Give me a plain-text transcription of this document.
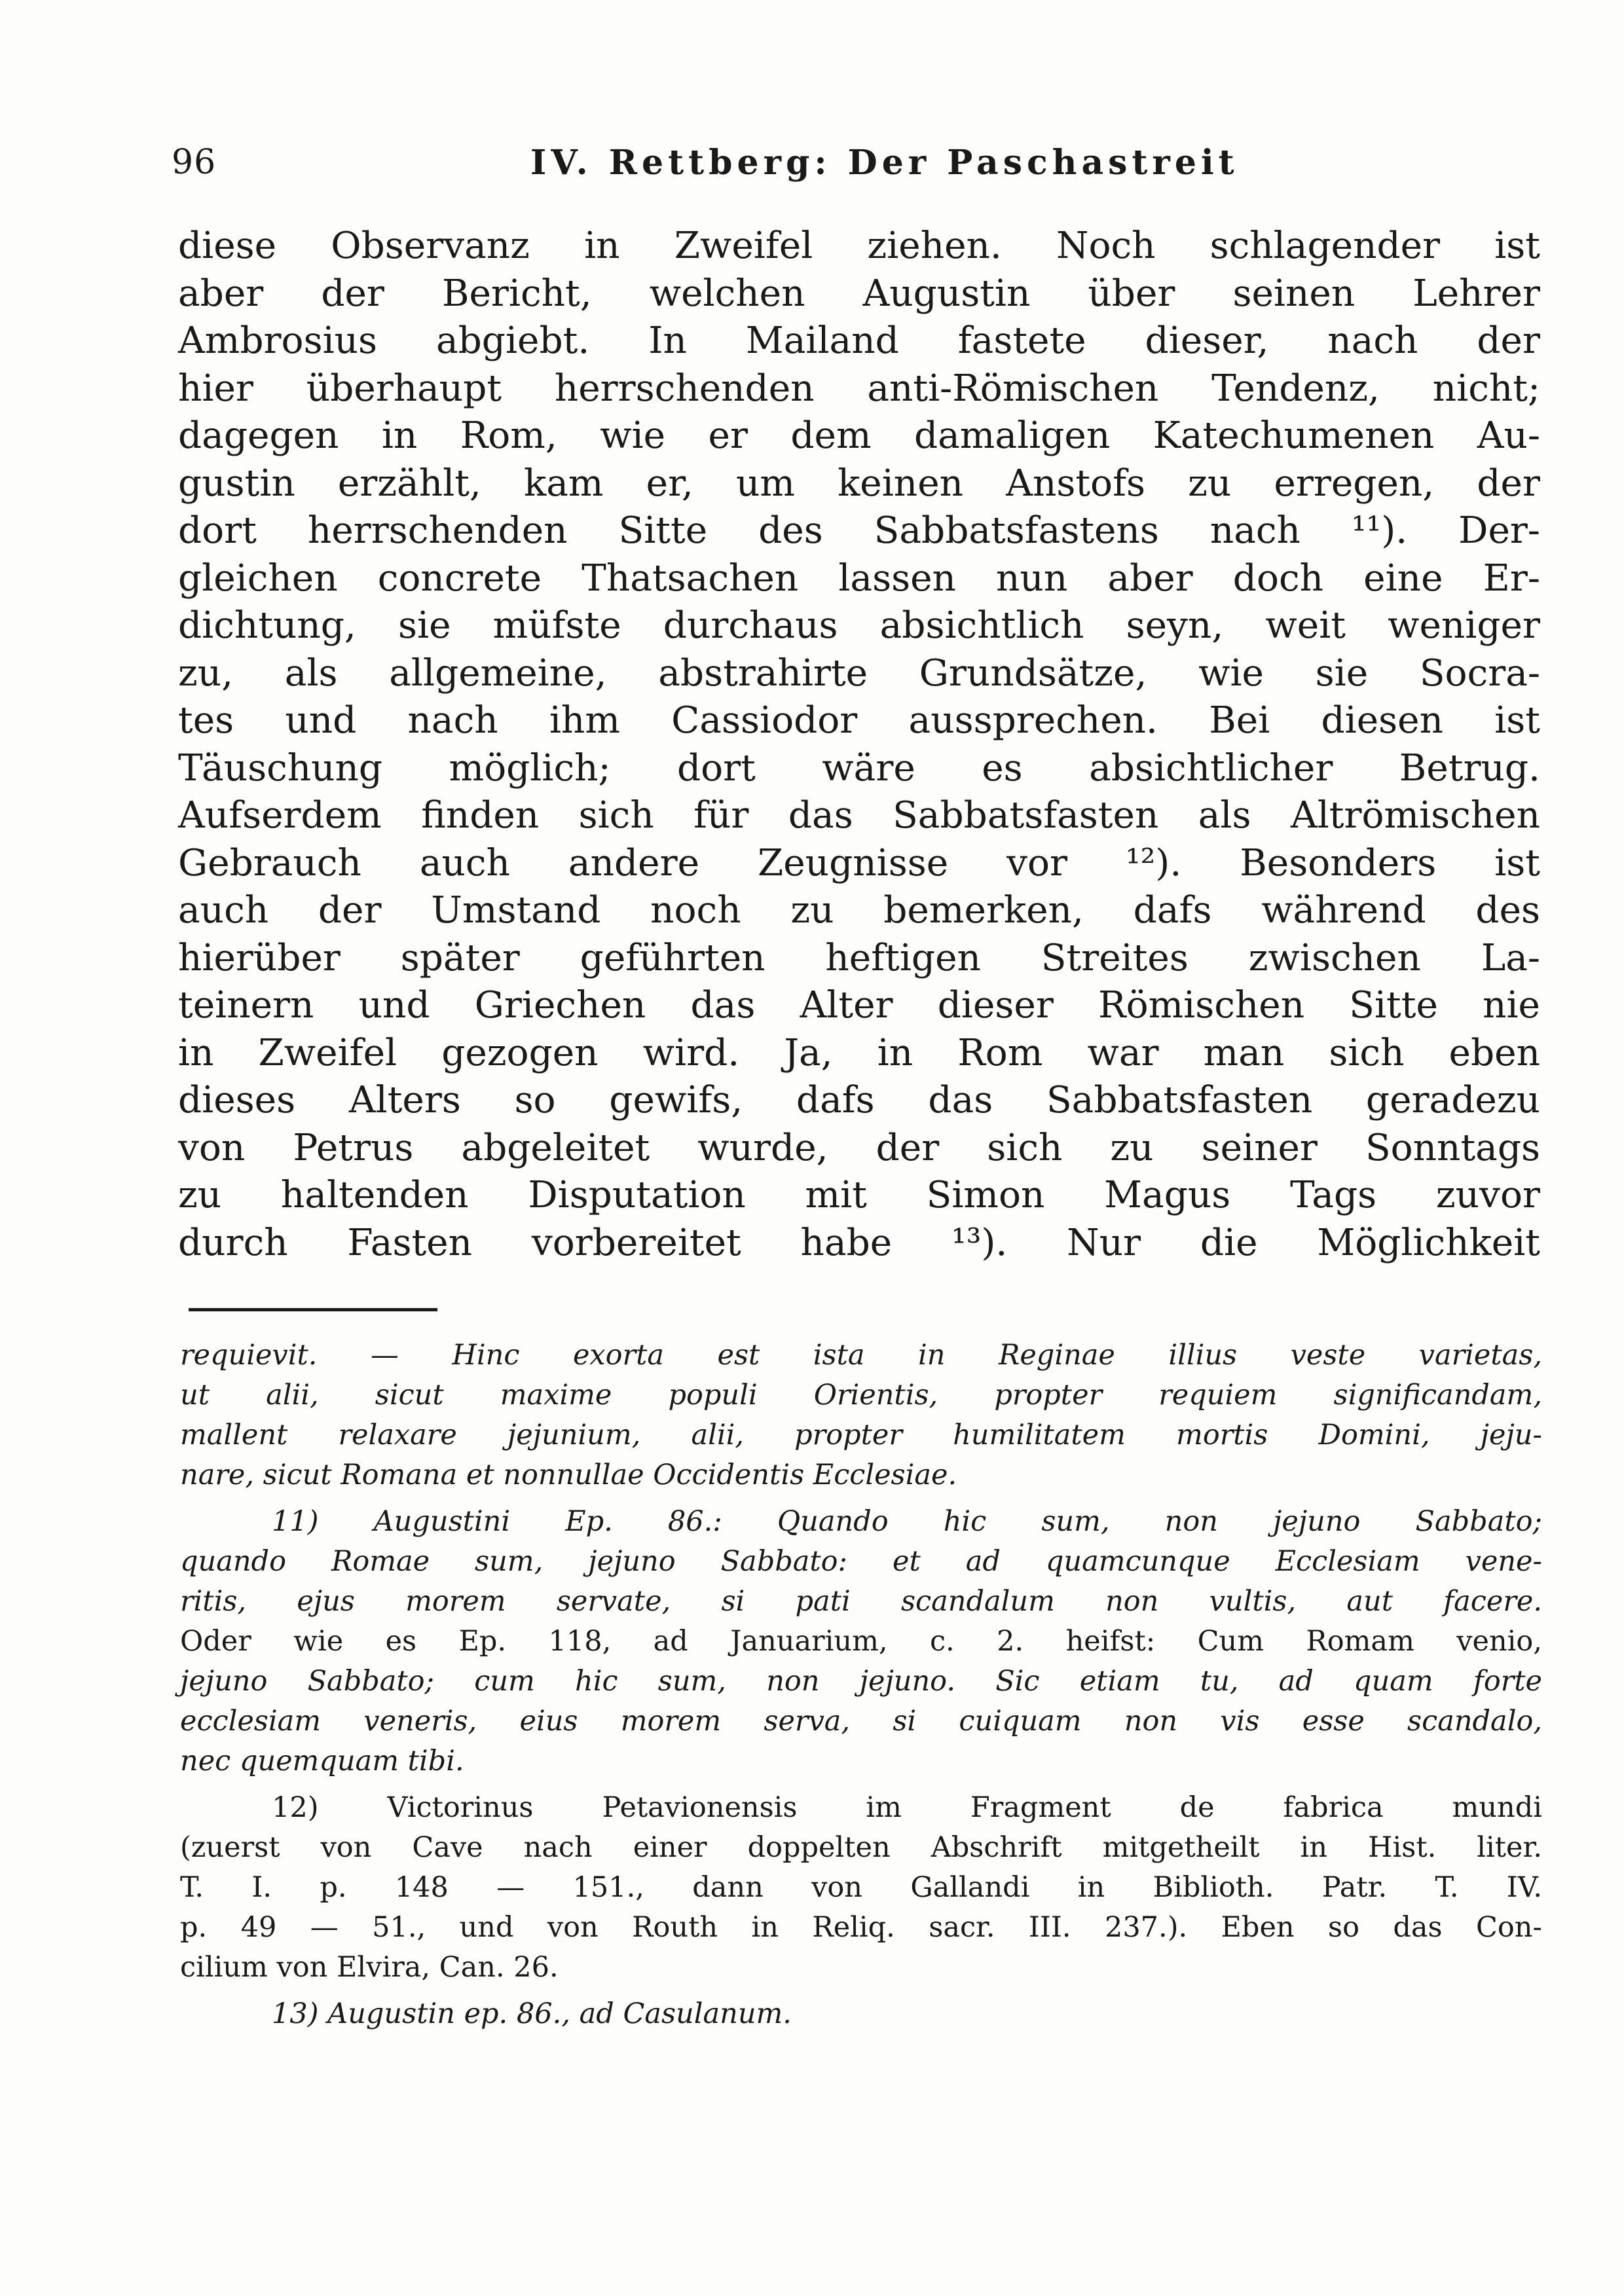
96	IV. Rettberg: Der Paschastreit
diese Observanz in Zweifel ziehen. Noch schlagender ist
aber der Bericht, welchen Augustin über seinen Lehrer
Ambrosius abgiebt. In Mailand fastete dieser, nach der
hier überhaupt herrschenden anti-Römischen Tendenz, nicht;
dagegen in Rom, wie er dem damaligen Katechumenen Au-
gustin erzählt, kam er, um keinen Anstofs zu erregen, der
dort herrschenden Sitte des Sabbatsfastens nach ¹¹). Der-
gleichen concrete Thatsachen lassen nun aber doch eine Er-
dichtung, sie müfste durchaus absichtlich seyn, weit weniger
zu, als allgemeine, abstrahirte Grundsätze, wie sie Socra-
tes und nach ihm Cassiodor aussprechen. Bei diesen ist
Täuschung möglich; dort wäre es absichtlicher Betrug.
Aufserdem finden sich für das Sabbatsfasten als Altrömischen
Gebrauch auch andere Zeugnisse vor ¹²). Besonders ist
auch der Umstand noch zu bemerken, dafs während des
hierüber später geführten heftigen Streites zwischen La-
teinern und Griechen das Alter dieser Römischen Sitte nie
in Zweifel gezogen wird. Ja, in Rom war man sich eben
dieses Alters so gewifs, dafs das Sabbatsfasten geradezu
von Petrus abgeleitet wurde, der sich zu seiner Sonntags
zu haltenden Disputation mit Simon Magus Tags zuvor
durch Fasten vorbereitet habe ¹³). Nur die Möglichkeit
requievit. — Hinc exorta est ista in Reginae illius veste varietas,
ut alii, sicut maxime populi Orientis, propter requiem significandam,
mallent relaxare jejunium, alii, propter humilitatem mortis Domini, jeju-
nare, sicut Romana et nonnullae Occidentis Ecclesiae.
11) Augustini Ep. 86.: Quando hic sum, non jejuno Sabbato;
quando Romae sum, jejuno Sabbato: et ad quamcunque Ecclesiam vene-
ritis, ejus morem servate, si pati scandalum non vultis, aut facere.
Oder wie es Ep. 118, ad Januarium, c. 2. heifst: Cum Romam venio,
jejuno Sabbato; cum hic sum, non jejuno. Sic etiam tu, ad quam forte
ecclesiam veneris, eius morem serva, si cuiquam non vis esse scandalo,
nec quemquam tibi.
12) Victorinus Petavionensis im Fragment de fabrica mundi
(zuerst von Cave nach einer doppelten Abschrift mitgetheilt in Hist. liter.
T. I. p. 148 — 151., dann von Gallandi in Biblioth. Patr. T. IV.
p. 49 — 51., und von Routh in Reliq. sacr. III. 237.). Eben so das Con-
cilium von Elvira, Can. 26.
13) Augustin ep. 86., ad Casulanum.
